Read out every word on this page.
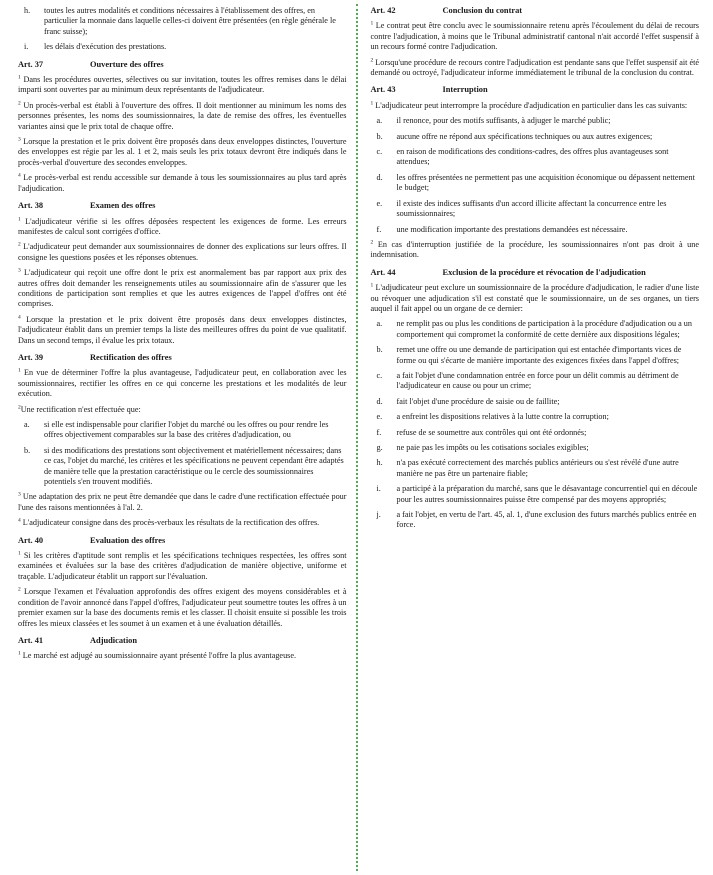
h.	toutes les autres modalités et conditions nécessaires à l'établissement des offres, en particulier la monnaie dans laquelle celles-ci doivent être présentées (en règle générale le franc suisse);
i.	les délais d'exécution des prestations.
Art. 37	Ouverture des offres
$^1$ Dans les procédures ouvertes, sélectives ou sur invitation, toutes les offres remises dans le délai imparti sont ouvertes par au minimum deux représentants de l'adjudicateur.
$^2$ Un procès-verbal est établi à l'ouverture des offres. Il doit mentionner au minimum les noms des personnes présentes, les noms des soumissionnaires, la date de remise des offres, les éventuelles variantes ainsi que le prix total de chaque offre.
$^3$ Lorsque la prestation et le prix doivent être proposés dans deux enveloppes distinctes, l'ouverture des enveloppes est régie par les al. 1 et 2, mais seuls les prix totaux devront être indiqués dans le procès-verbal d'ouverture des secondes enveloppes.
$^4$ Le procès-verbal est rendu accessible sur demande à tous les soumissionnaires au plus tard après l'adjudication.
Art. 38	Examen des offres
$^1$ L'adjudicateur vérifie si les offres déposées respectent les exigences de forme. Les erreurs manifestes de calcul sont corrigées d'office.
$^2$ L'adjudicateur peut demander aux soumissionnaires de donner des explications sur leurs offres. Il consigne les questions posées et les réponses obtenues.
$^3$ L'adjudicateur qui reçoit une offre dont le prix est anormalement bas par rapport aux prix des autres offres doit demander les renseignements utiles au soumissionnaire afin de s'assurer que les conditions de participation sont remplies et que les autres exigences de l'appel d'offres ont été comprises.
$^4$ Lorsque la prestation et le prix doivent être proposés dans deux enveloppes distinctes, l'adjudicateur établit dans un premier temps la liste des meilleures offres du point de vue qualitatif. Dans un second temps, il évalue les prix totaux.
Art. 39	Rectification des offres
$^1$ En vue de déterminer l'offre la plus avantageuse, l'adjudicateur peut, en collaboration avec les soumissionnaires, rectifier les offres en ce qui concerne les prestations et les modalités de leur exécution.
$^2$Une rectification n'est effectuée que:
a.	si elle est indispensable pour clarifier l'objet du marché ou les offres ou pour rendre les offres objectivement comparables sur la base des critères d'adjudication, ou
b.	si des modifications des prestations sont objectivement et matériellement nécessaires; dans ce cas, l'objet du marché, les critères et les spécifications ne peuvent cependant être adaptés de manière telle que la prestation caractéristique ou le cercle des soumissionnaires potentiels s'en trouvent modifiés.
$^3$ Une adaptation des prix ne peut être demandée que dans le cadre d'une rectification effectuée pour l'une des raisons mentionnées à l'al. 2.
$^4$ L'adjudicateur consigne dans des procès-verbaux les résultats de la rectification des offres.
Art. 40	Evaluation des offres
$^1$ Si les critères d'aptitude sont remplis et les spécifications techniques respectées, les offres sont examinées et évaluées sur la base des critères d'adjudication de manière objective, uniforme et traçable. L'adjudicateur établit un rapport sur l'évaluation.
$^2$ Lorsque l'examen et l'évaluation approfondis des offres exigent des moyens considérables et à condition de l'avoir annoncé dans l'appel d'offres, l'adjudicateur peut soumettre toutes les offres à un premier examen sur la base des documents remis et les classer. Il choisit ensuite si possible les trois offres les mieux classées et les soumet à un examen et à une évaluation détaillés.
Art. 41	Adjudication
$^1$ Le marché est adjugé au soumissionnaire ayant présenté l'offre la plus avantageuse.
Art. 42	Conclusion du contrat
$^1$ Le contrat peut être conclu avec le soumissionnaire retenu après l'écoulement du délai de recours contre l'adjudication, à moins que le Tribunal administratif cantonal n'ait accordé l'effet suspensif à un recours formé contre l'adjudication.
$^2$ Lorsqu'une procédure de recours contre l'adjudication est pendante sans que l'effet suspensif ait été demandé ou octroyé, l'adjudicateur informe immédiatement le tribunal de la conclusion du contrat.
Art. 43	Interruption
$^1$ L'adjudicateur peut interrompre la procédure d'adjudication en particulier dans les cas suivants:
a.	il renonce, pour des motifs suffisants, à adjuger le marché public;
b.	aucune offre ne répond aux spécifications techniques ou aux autres exigences;
c.	en raison de modifications des conditions-cadres, des offres plus avantageuses sont attendues;
d.	les offres présentées ne permettent pas une acquisition économique ou dépassent nettement le budget;
e.	il existe des indices suffisants d'un accord illicite affectant la concurrence entre les soumissionnaires;
f.	une modification importante des prestations demandées est nécessaire.
$^2$ En cas d'interruption justifiée de la procédure, les soumissionnaires n'ont pas droit à une indemnisation.
Art. 44	Exclusion de la procédure et révocation de l'adjudication
$^1$ L'adjudicateur peut exclure un soumissionnaire de la procédure d'adjudication, le radier d'une liste ou révoquer une adjudication s'il est constaté que le soumissionnaire, un de ses organes, un tiers auquel il fait appel ou un organe de ce dernier:
a.	ne remplit pas ou plus les conditions de participation à la procédure d'adjudication ou a un comportement qui compromet la conformité de cette dernière aux dispositions légales;
b.	remet une offre ou une demande de participation qui est entachée d'importants vices de forme ou qui s'écarte de manière importante des exigences fixées dans l'appel d'offres;
c.	a fait l'objet d'une condamnation entrée en force pour un délit commis au détriment de l'adjudicateur en cause ou pour un crime;
d.	fait l'objet d'une procédure de saisie ou de faillite;
e.	a enfreint les dispositions relatives à la lutte contre la corruption;
f.	refuse de se soumettre aux contrôles qui ont été ordonnés;
g.	ne paie pas les impôts ou les cotisations sociales exigibles;
h.	n'a pas exécuté correctement des marchés publics antérieurs ou s'est révélé d'une autre manière ne pas être un partenaire fiable;
i.	a participé à la préparation du marché, sans que le désavantage concurrentiel qui en découle pour les autres soumissionnaires puisse être compensé par des moyens appropriés;
j.	a fait l'objet, en vertu de l'art. 45, al. 1, d'une exclusion des futurs marchés publics entrée en force.
